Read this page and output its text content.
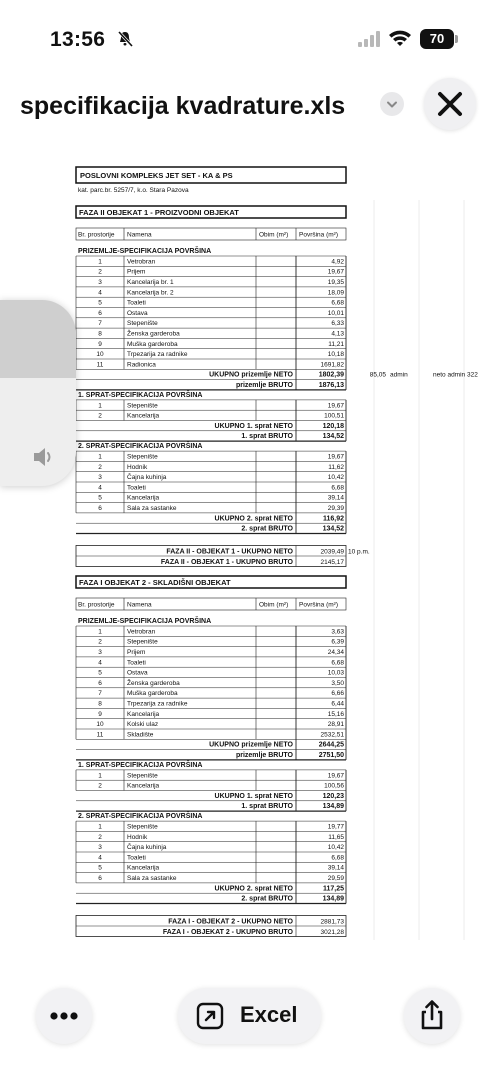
13:56	70
specifikacija kvadrature.xls
POSLOVNI KOMPLEKS JET SET - KA & PS
kat. parc.br. 5257/7, k.o. Stara Pazova
FAZA II OBJEKAT 1 - PROIZVODNI OBJEKAT
Br. prostorije Namena	Obim (m²) Površina (m²)
PRIZEMLJE-SPECIFIKACIJA POVRŠINA
1	Vetrobran	4,92
2	Prijem	19,67
3	Kancelarija br. 1	19,35
4	Kancelarija br. 2	18,09
5	Toaleti	6,68
6	Ostava	10,01
7	Stepenište	6,33
8	Ženska garderoba	4,13
9	Muška garderoba	11,21
10	Trpezarija za radnike	10,18
11	Radionica	1691,82
UKUPNO prizemlje NETO	1802,39
prizemlje BRUTO	1876,13
1. SPRAT-SPECIFIKACIJA POVRŠINA
1	Stepenište	19,67
2	Kancelarija	100,51
UKUPNO 1. sprat NETO	120,18
1. sprat BRUTO	134,52
2. SPRAT-SPECIFIKACIJA POVRŠINA
1	Stepenište	19,67
2	Hodnik	11,62
3	Čajna kuhinja	10,42
4	Toaleti	6,68
5	Kancelarija	39,14
6	Sala za sastanke	29,39
UKUPNO 2. sprat NETO	116,92
2. sprat BRUTO	134,52
FAZA II - OBJEKAT 1 - UKUPNO NETO	2039,49
FAZA II - OBJEKAT 1 - UKUPNO BRUTO	2145,17
85,05 admin	neto admin 322
10 p.m.
FAZA I OBJEKAT 2 - SKLADIŠNI OBJEKAT
Br. prostorije Namena	Obim (m²) Površina (m²)
PRIZEMLJE-SPECIFIKACIJA POVRŠINA
1	Vetrobran	3,63
2	Stepenište	6,39
3	Prijem	24,34
4	Toaleti	6,68
5	Ostava	10,03
6	Ženska garderoba	3,50
7	Muška garderoba	6,66
8	Trpezarija za radnike	6,44
9	Kancelarija	15,16
10	Kolski ulaz	28,91
11	Skladište	2532,51
UKUPNO prizemlje NETO	2644,25
prizemlje BRUTO	2751,50
1. SPRAT-SPECIFIKACIJA POVRŠINA
1	Stepenište	19,67
2	Kancelarija	100,56
UKUPNO 1. sprat NETO	120,23
1. sprat BRUTO	134,89
2. SPRAT-SPECIFIKACIJA POVRŠINA
1	Stepenište	19,77
2	Hodnik	11,65
3	Čajna kuhinja	10,42
4	Toaleti	6,68
5	Kancelarija	39,14
6	Sala za sastanke	29,59
UKUPNO 2. sprat NETO	117,25
2. sprat BRUTO	134,89
FAZA I - OBJEKAT 2 - UKUPNO NETO	2881,73
FAZA I - OBJEKAT 2 - UKUPNO BRUTO	3021,28
Excel
